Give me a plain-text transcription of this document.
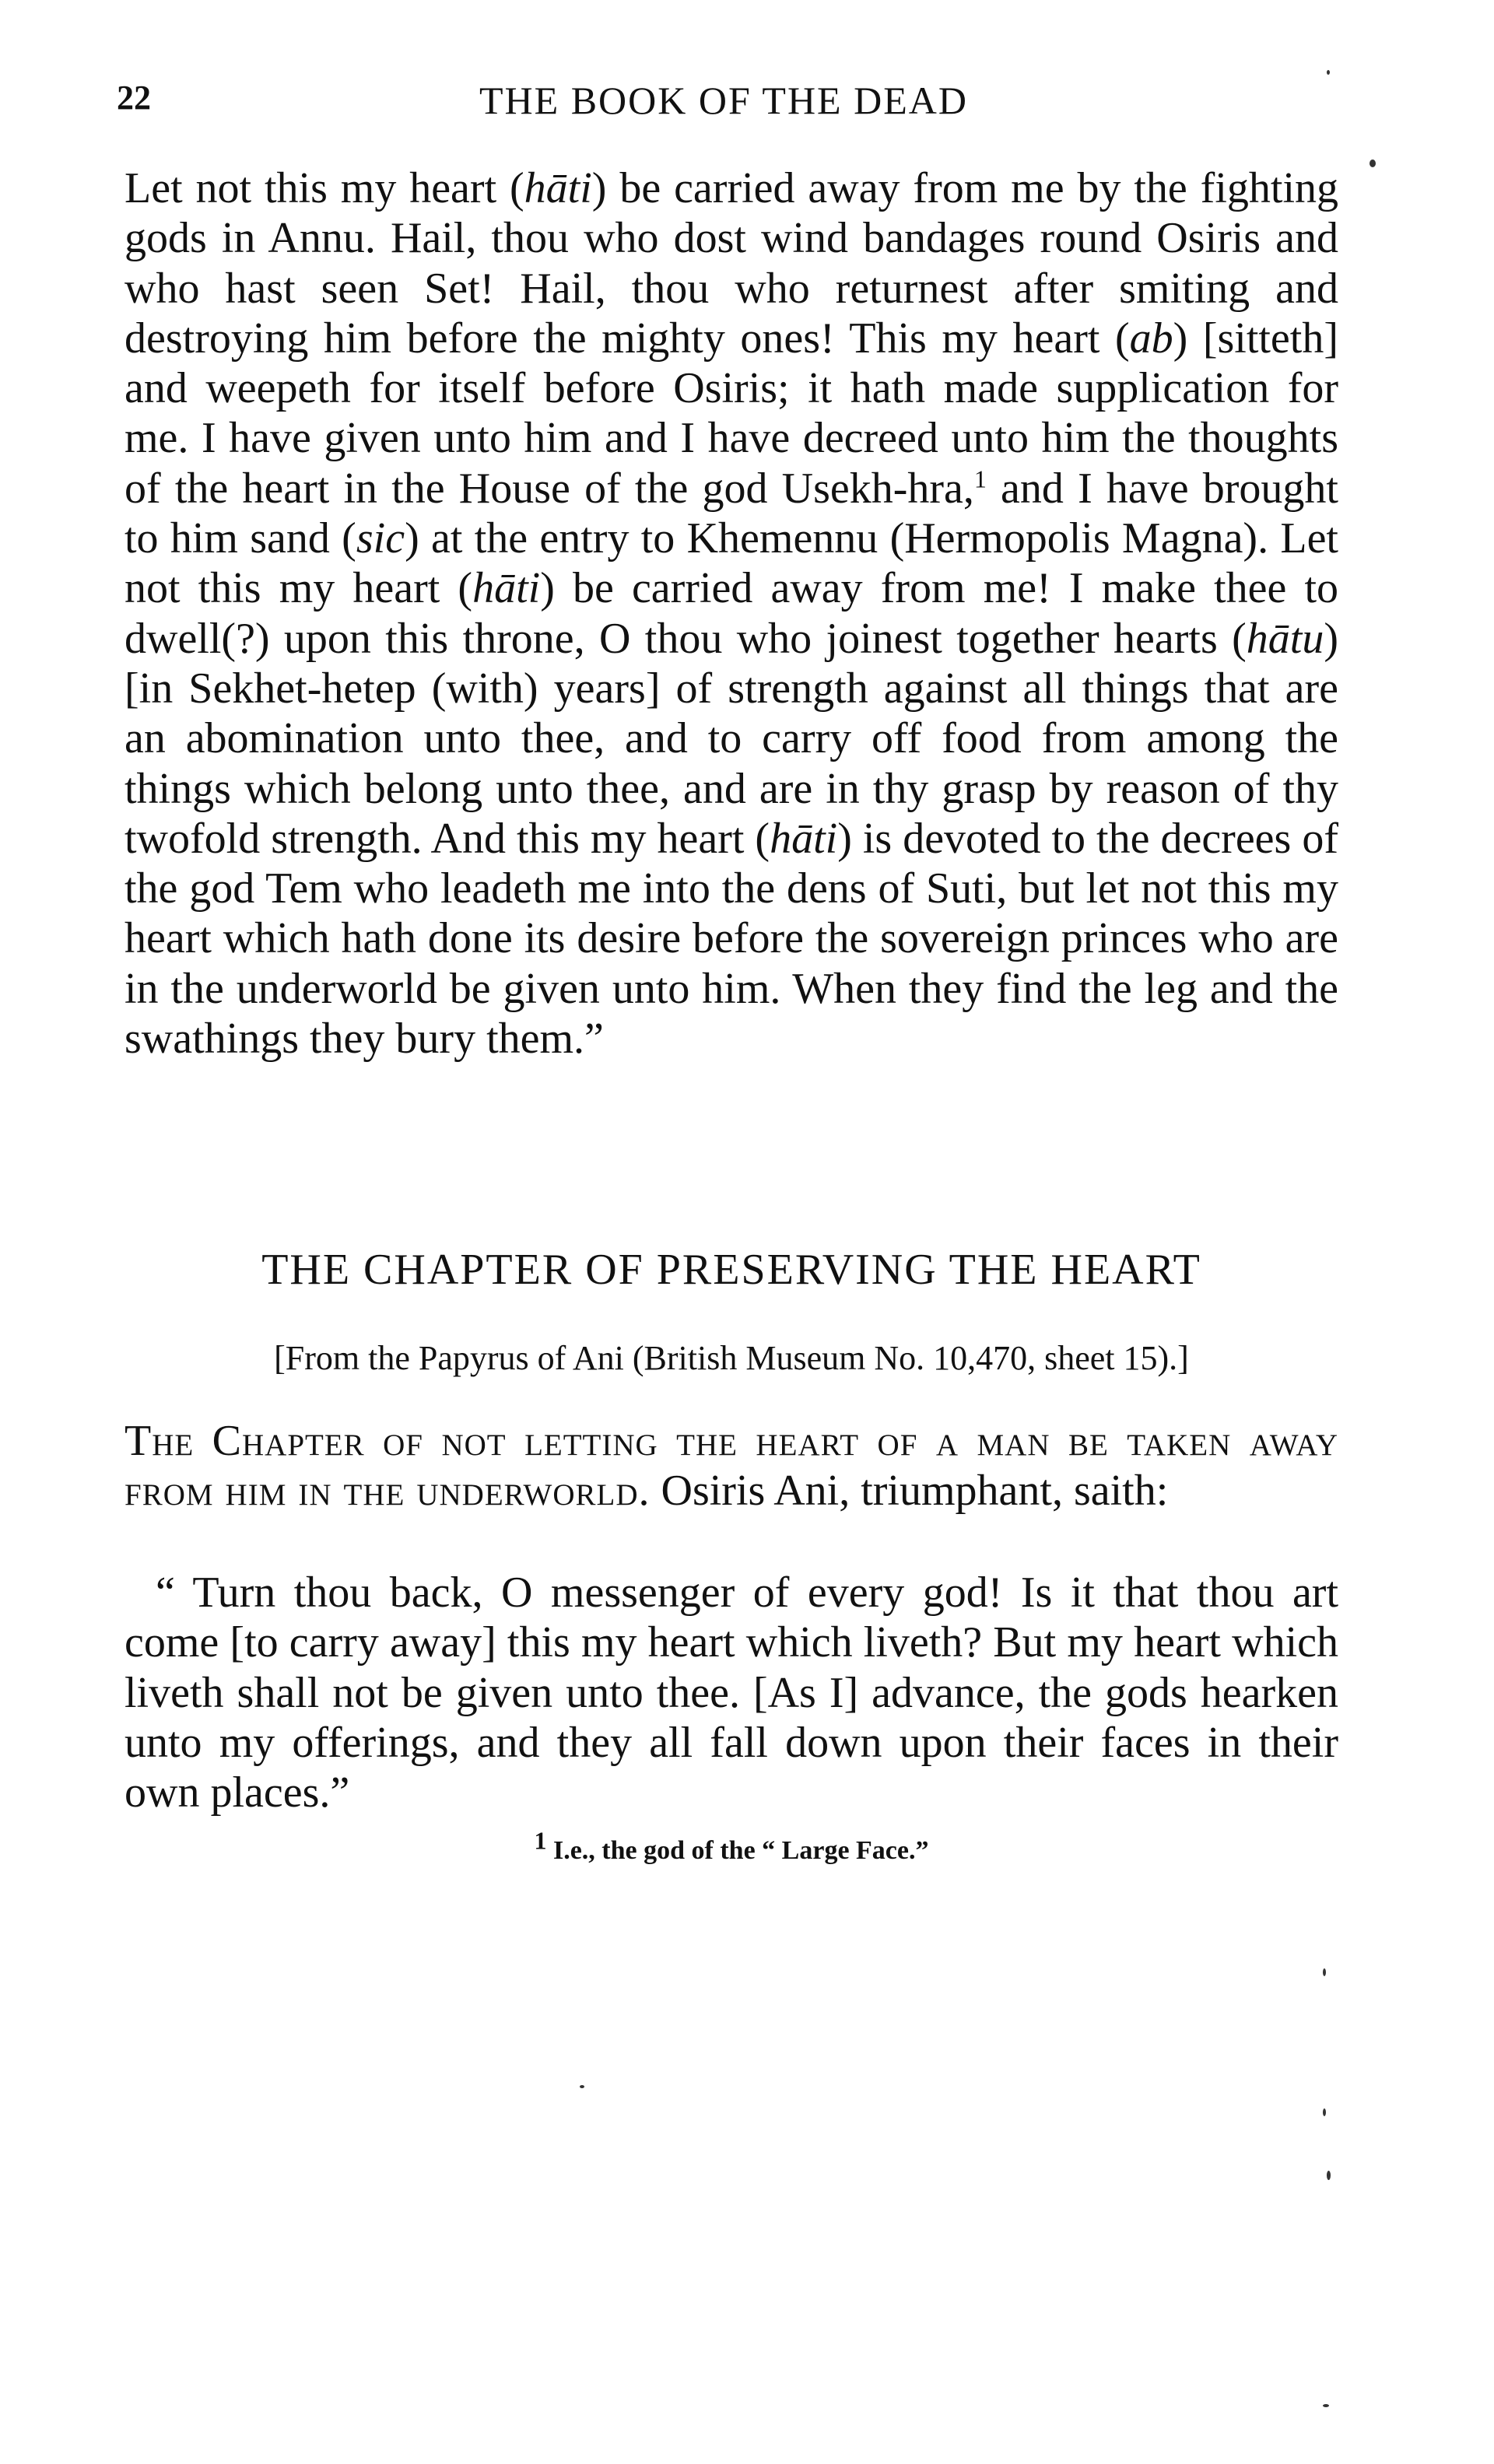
22	THE BOOK OF THE DEAD

Let not this my heart (hāti) be carried away from me by the fighting gods in Annu. Hail, thou who dost wind bandages round Osiris and who hast seen Set! Hail, thou who returnest after smiting and destroying him before the mighty ones! This my heart (ab) [sitteth] and weepeth for itself before Osiris; it hath made supplication for me. I have given unto him and I have decreed unto him the thoughts of the heart in the House of the god Usekh-hra,$^1$ and I have brought to him sand (sic) at the entry to Khemennu (Hermopolis Magna). Let not this my heart (hāti) be carried away from me! I make thee to dwell(?) upon this throne, O thou who joinest together hearts (hātu) [in Sekhet-hetep (with) years] of strength against all things that are an abomination unto thee, and to carry off food from among the things which belong unto thee, and are in thy grasp by reason of thy twofold strength. And this my heart (hāti) is devoted to the decrees of the god Tem who leadeth me into the dens of Suti, but let not this my heart which hath done its desire before the sovereign princes who are in the underworld be given unto him. When they find the leg and the swathings they bury them.”

THE CHAPTER OF PRESERVING THE HEART

[From the Papyrus of Ani (British Museum No. 10,470, sheet 15).]

The Chapter of not letting the heart of a man be taken away from him in the underworld. Osiris Ani, triumphant, saith:

“ Turn thou back, O messenger of every god! Is it that thou art come [to carry away] this my heart which liveth? But my heart which liveth shall not be given unto thee. [As I] advance, the gods hearken unto my offerings, and they all fall down upon their faces in their own places.”

$^1$ I.e., the god of the “ Large Face.”
